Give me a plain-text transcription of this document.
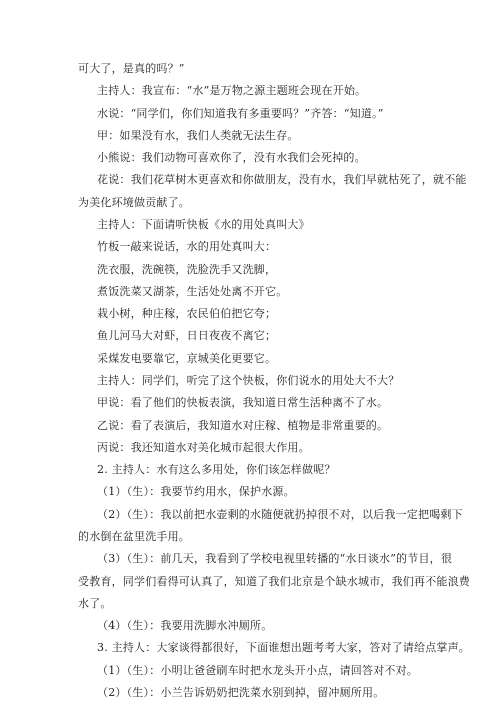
可大了，是真的吗？”
主持人：我宣布：“水”是万物之源主题班会现在开始。
水说：“同学们，你们知道我有多重要吗？”齐答：“知道。”
甲：如果没有水，我们人类就无法生存。
小熊说：我们动物可喜欢你了，没有水我们会死掉的。
花说：我们花草树木更喜欢和你做朋友，没有水，我们早就枯死了，就不能
为美化环境做贡献了。
主持人：下面请听快板《水的用处真叫大》
竹板一敲来说话，水的用处真叫大：
洗衣服，洗碗筷，洗脸洗手又洗脚，
煮饭洗菜又湖茶，生活处处离不开它。
栽小树，种庄稼，农民伯伯把它夸；
鱼儿河马大对虾，日日夜夜不离它；
采煤发电要靠它，京城美化更要它。
主持人：同学们，听完了这个快板，你们说水的用处大不大？
甲说：看了他们的快板表演，我知道日常生活种离不了水。
乙说：看了表演后，我知道水对庄稼、植物是非常重要的。
丙说：我还知道水对美化城市起很大作用。
2. 主持人：水有这么多用处，你们该怎样做呢？
（1）（生）：我要节约用水，保护水源。
（2）（生）：我以前把水壶剩的水随便就扔掉很不对，以后我一定把喝剩下
的水倒在盆里洗手用。
（3）（生）：前几天，我看到了学校电视里转播的“水日谈水”的节目，很
受教育，同学们看得可认真了，知道了我们北京是个缺水城市，我们再不能浪费
水了。
（4）（生）：我要用洗脚水冲厕所。
3. 主持人：大家谈得都很好，下面谁想出题考考大家，答对了请给点掌声。
（1）（生）：小明让爸爸刷车时把水龙头开小点，请回答对不对。
（2）（生）：小兰告诉奶奶把洗菜水别到掉，留冲厕所用。
